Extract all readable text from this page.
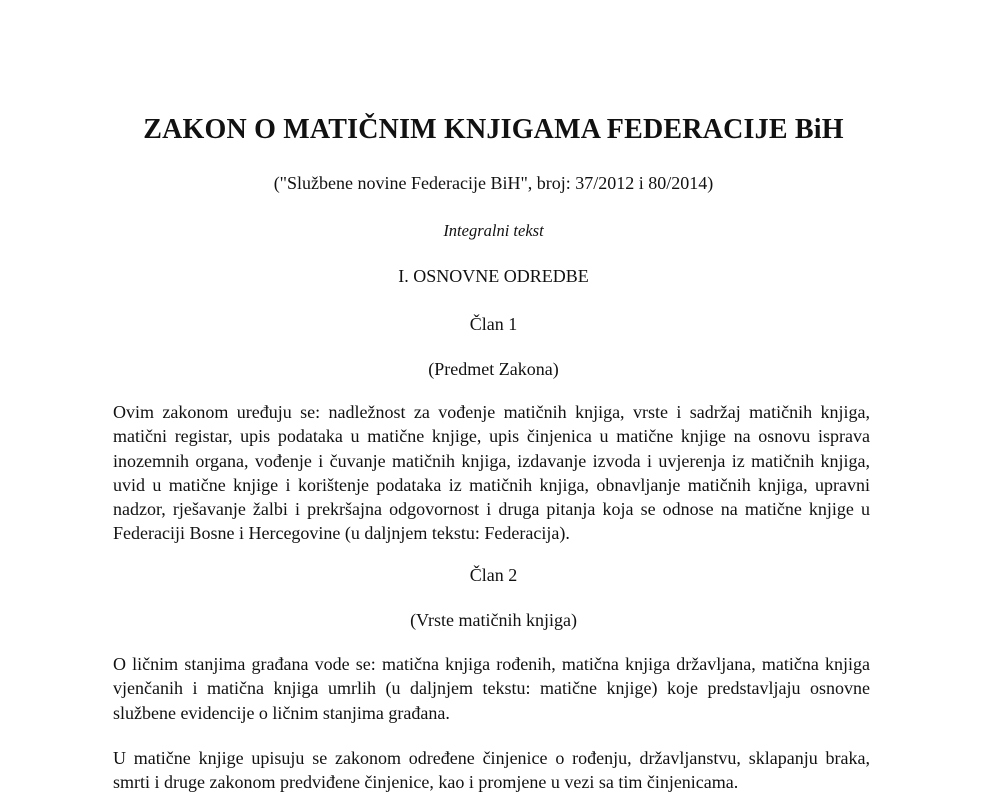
ZAKON O MATIČNIM KNJIGAMA FEDERACIJE BiH
("Službene novine Federacije BiH", broj: 37/2012 i 80/2014)
Integralni tekst
I. OSNOVNE ODREDBE
Član 1
(Predmet Zakona)

Ovim zakonom uređuju se: nadležnost za vođenje matičnih knjiga, vrste i sadržaj matičnih knjiga, matični registar, upis podataka u matične knjige, upis činjenica u matične knjige na osnovu isprava inozemnih organa, vođenje i čuvanje matičnih knjiga, izdavanje izvoda i uvjerenja iz matičnih knjiga, uvid u matične knjige i korištenje podataka iz matičnih knjiga, obnavljanje matičnih knjiga, upravni nadzor, rješavanje žalbi i prekršajna odgovornost i druga pitanja koja se odnose na matične knjige u Federaciji Bosne i Hercegovine (u daljnjem tekstu: Federacija).

Član 2
(Vrste matičnih knjiga)

O ličnim stanjima građana vode se: matična knjiga rođenih, matična knjiga državljana, matična knjiga vjenčanih i matična knjiga umrlih (u daljnjem tekstu: matične knjige) koje predstavljaju osnovne službene evidencije o ličnim stanjima građana.

U matične knjige upisuju se zakonom određene činjenice o rođenju, državljanstvu, sklapanju braka, smrti i druge zakonom predviđene činjenice, kao i promjene u vezi sa tim činjenicama.
